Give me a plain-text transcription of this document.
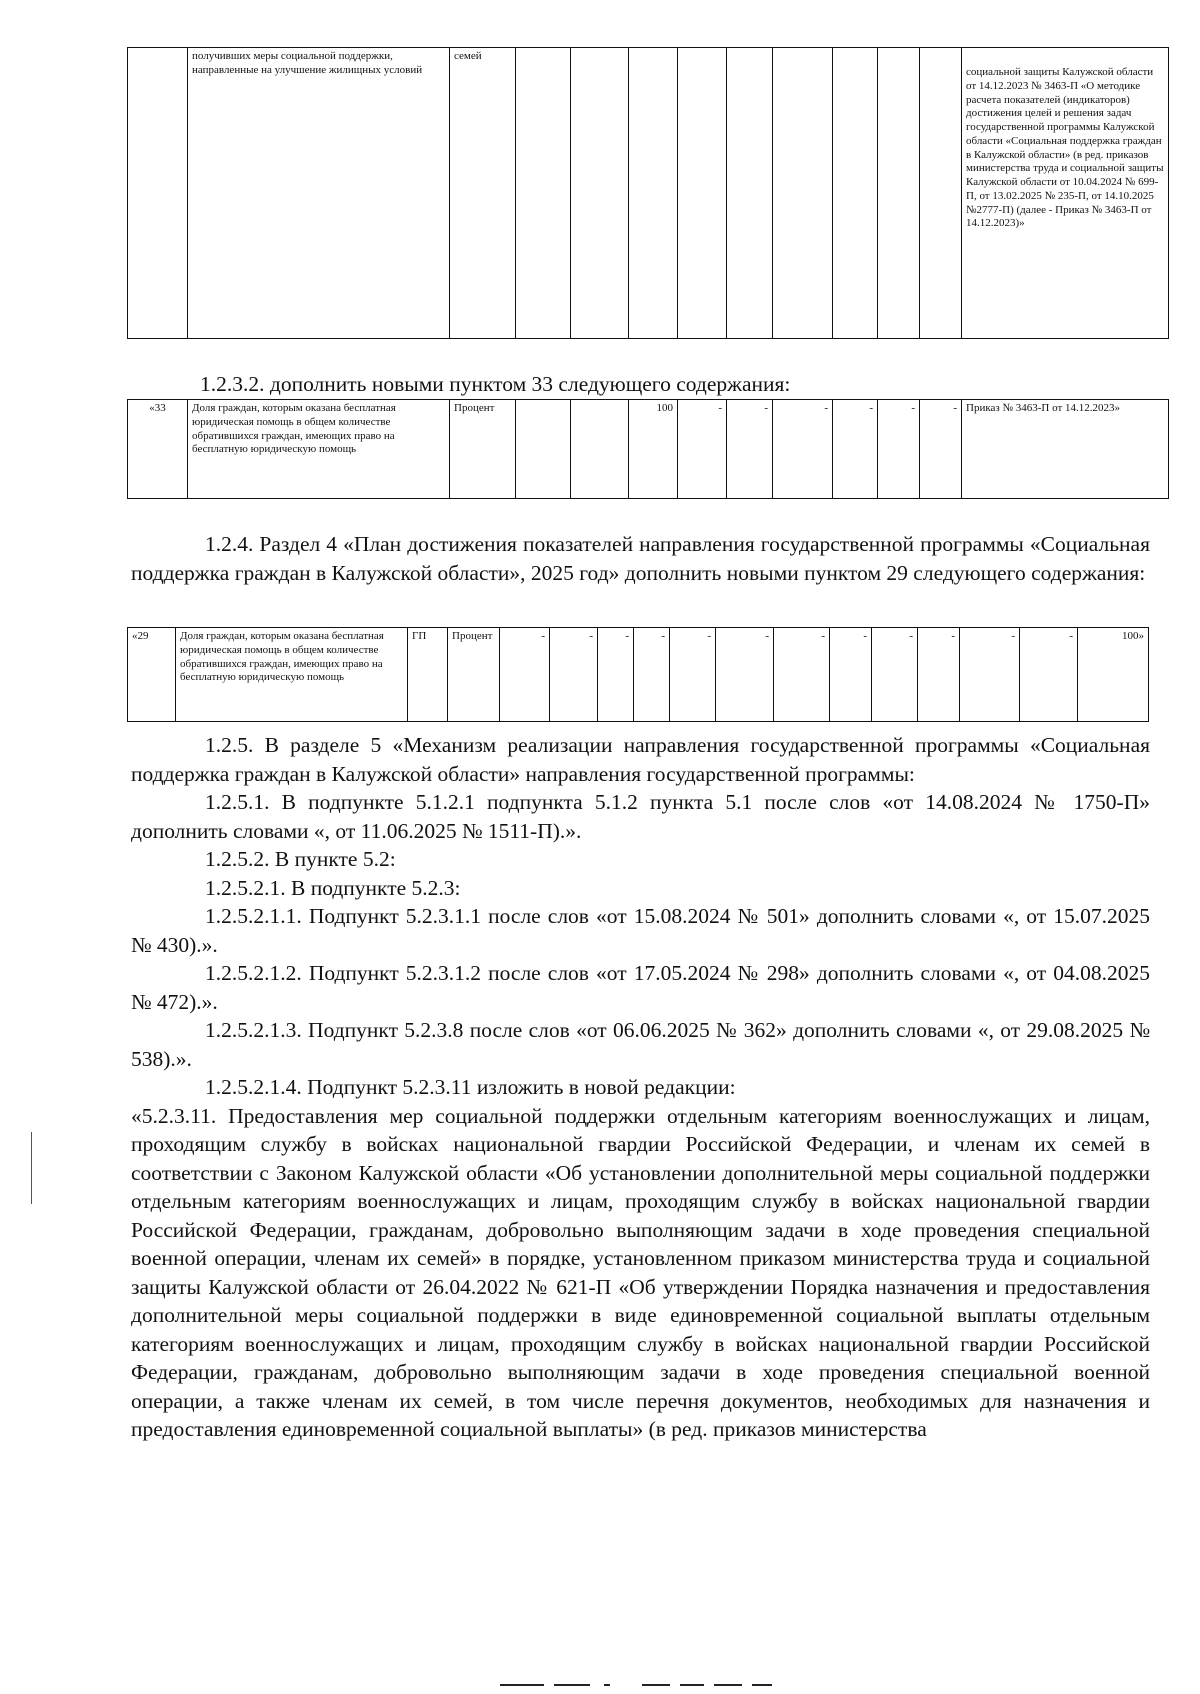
	получивших меры социальной поддержки, направленные на улучшение жилищных условий	семей										социальной защиты Калужской области от 14.12.2023 № 3463-П «О методике расчета показателей (индикаторов) достижения целей и решения задач государственной программы Калужской области «Социальная поддержка граждан в Калужской области» (в ред. приказов министерства труда и социальной защиты Калужской области от 10.04.2024 № 699-П, от 13.02.2025 № 235-П, от 14.10.2025 №2777-П) (далее - Приказ № 3463-П от 14.12.2023)»
1.2.3.2. дополнить новыми пунктом 33 следующего содержания:
«33	Доля граждан, которым оказана бесплатная юридическая помощь в общем количестве обратившихся граждан, имеющих право на бесплатную юридическую помощь	Процент			100	-	-	-	-	-	-	Приказ № 3463-П от 14.12.2023»

1.2.4. Раздел 4 «План достижения показателей направления государственной программы «Социальная поддержка граждан в Калужской области», 2025 год» дополнить новыми пунктом 29 следующего содержания:

«29	Доля граждан, которым оказана бесплатная юридическая помощь в общем количестве обратившихся граждан, имеющих право на бесплатную юридическую помощь	ГП	Процент	-	-	-	-	-	-	-	-	-	-	-	-	100»

1.2.5. В разделе 5 «Механизм реализации направления государственной программы «Социальная поддержка граждан в Калужской области» направления государственной программы:

1.2.5.1. В подпункте 5.1.2.1 подпункта 5.1.2 пункта 5.1 после слов «от 14.08.2024 № 1750-П» дополнить словами «, от 11.06.2025 № 1511-П).».

1.2.5.2. В пункте 5.2:

1.2.5.2.1. В подпункте 5.2.3:

1.2.5.2.1.1. Подпункт 5.2.3.1.1 после слов «от 15.08.2024 № 501» дополнить словами «, от 15.07.2025 № 430).».

1.2.5.2.1.2. Подпункт 5.2.3.1.2 после слов «от 17.05.2024 № 298» дополнить словами «, от 04.08.2025 № 472).».

1.2.5.2.1.3. Подпункт 5.2.3.8 после слов «от 06.06.2025 № 362» дополнить словами «, от 29.08.2025 № 538).».

1.2.5.2.1.4. Подпункт 5.2.3.11 изложить в новой редакции:

«5.2.3.11. Предоставления мер социальной поддержки отдельным категориям военнослужащих и лицам, проходящим службу в войсках национальной гвардии Российской Федерации, и членам их семей в соответствии с Законом Калужской области «Об установлении дополнительной меры социальной поддержки отдельным категориям военнослужащих и лицам, проходящим службу в войсках национальной гвардии Российской Федерации, гражданам, добровольно выполняющим задачи в ходе проведения специальной военной операции, членам их семей» в порядке, установленном приказом министерства труда и социальной защиты Калужской области от 26.04.2022 № 621-П «Об утверждении Порядка назначения и предоставления дополнительной меры социальной поддержки в виде единовременной социальной выплаты отдельным категориям военнослужащих и лицам, проходящим службу в войсках национальной гвардии Российской Федерации, гражданам, добровольно выполняющим задачи в ходе проведения специальной военной операции, а также членам их семей, в том числе перечня документов, необходимых для назначения и предоставления единовременной социальной выплаты» (в ред. приказов министерства
